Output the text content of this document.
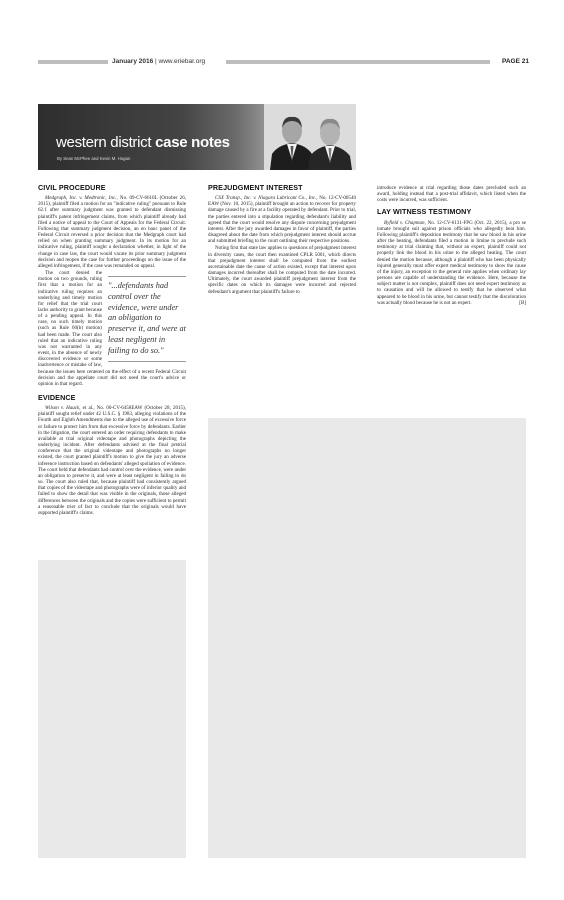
January 2016 | www.eriebar.org	PAGE 21
western district case notes
By Sean McPhee and Kevin M. Hogan
CIVIL PROCEDURE

Medgraph, Inc. v. Medtronic, Inc., No. 09-CV-6610L (October 26, 2015), plaintiff filed a motion for an "indicative ruling" pursuant to Rule 62.1 after summary judgment was granted to defendant dismissing plaintiff's patent infringement claims, from which plaintiff already had filed a notice of appeal to the Court of Appeals for the Federal Circuit. Following that summary judgment decision, an en banc panel of the Federal Circuit reversed a prior decision that the Medgraph court had relied on when granting summary judgment. In its motion for an indicative ruling, plaintiff sought a declaration whether, in light of the change in case law, the court would vacate its prior summary judgment decision and reopen the case for further proceedings on the issue of the alleged infringement, if the case was remanded on appeal.

"...defendants had control over the evidence, were under an obligation to preserve it, and were at least negligent in failing to do so."

The court denied the motion on two grounds, ruling first that a motion for an indicative ruling requires an underlying and timely motion for relief that the trial court lacks authority to grant because of a pending appeal. In this case, no such timely motion (such as Rule 60(b) motion) had been made. The court also ruled that an indicative ruling was not warranted in any event, in the absence of newly discovered evidence or some inadvertence or mistake of law, because the issues here centered on the effect of a recent Federal Circuit decision and the appellate court did not need the court's advice or opinion in that regard.

EVIDENCE

Wilson v. Hauck, et al., No. 00-CV-6458EAW (October 28, 2015), plaintiff sought relief under 42 U.S.C. § 1983, alleging violations of the Fourth and Eighth Amendments due to the alleged use of excessive force or failure to protect him from that excessive force by defendants. Earlier in the litigation, the court entered an order requiring defendants to make available at trial original videotape and photographs depicting the underlying incident. After defendants advised at the final pretrial conference that the original videotape and photographs no longer existed, the court granted plaintiff's motion to give the jury an adverse inference instruction based on defendants' alleged spoliation of evidence. The court held that defendants had control over the evidence, were under an obligation to preserve it, and were at least negligent in failing to do so. The court also ruled that, because plaintiff had consistently argued that copies of the videotape and photographs were of inferior quality and failed to show the detail that was visible in the originals, those alleged differences between the originals and the copies were sufficient to permit a reasonable trier of fact to conclude that the originals would have supported plaintiff's claims.

PREJUDGMENT INTEREST

CSX Transp., Inc. v. Niagara Lubricant Co., Inc., No. 12-CV-00540 EAW (Nov. 10, 2015), plaintiff brought an action to recover for property damage caused by a fire at a facility operated by defendant. Prior to trial, the parties entered into a stipulation regarding defendant's liability and agreed that the court would resolve any dispute concerning prejudgment interest. After the jury awarded damages in favor of plaintiff, the parties disagreed about the date from which prejudgment interest should accrue and submitted briefing to the court outlining their respective positions.

Noting first that state law applies to questions of prejudgment interest in diversity cases, the court then examined CPLR 5001, which directs that prejudgment interest shall be computed from the earliest ascertainable date the cause of action existed, except that interest upon damages incurred thereafter shall be computed from the date incurred. Ultimately, the court awarded plaintiff prejudgment interest from the specific dates on which its damages were incurred and rejected defendant's argument that plaintiff's failure to

introduce evidence at trial regarding those dates precluded such an award, holding instead that a post-trial affidavit, which listed when the costs were incurred, was sufficient.

LAY WITNESS TESTIMONY

Byfield v. Chapman, No. 12-CV-6131-FPG (Oct. 22, 2015), a pro se inmate brought suit against prison officials who allegedly beat him. Following plaintiff's deposition testimony that he saw blood in his urine after the beating, defendants filed a motion in limine to preclude such testimony at trial claiming that, without an expert, plaintiff could not properly link the blood in his urine to the alleged beating. The court denied the motion because, although a plaintiff who has been physically injured generally must offer expert medical testimony to show the cause of the injury, an exception to the general rule applies when ordinary lay persons are capable of understanding the evidence. Here, because the subject matter is not complex, plaintiff does not need expert testimony as to causation and will be allowed to testify that he observed what appeared to be blood in his urine, but cannot testify that the discoloration was actually blood because he is not an expert.	[B]
